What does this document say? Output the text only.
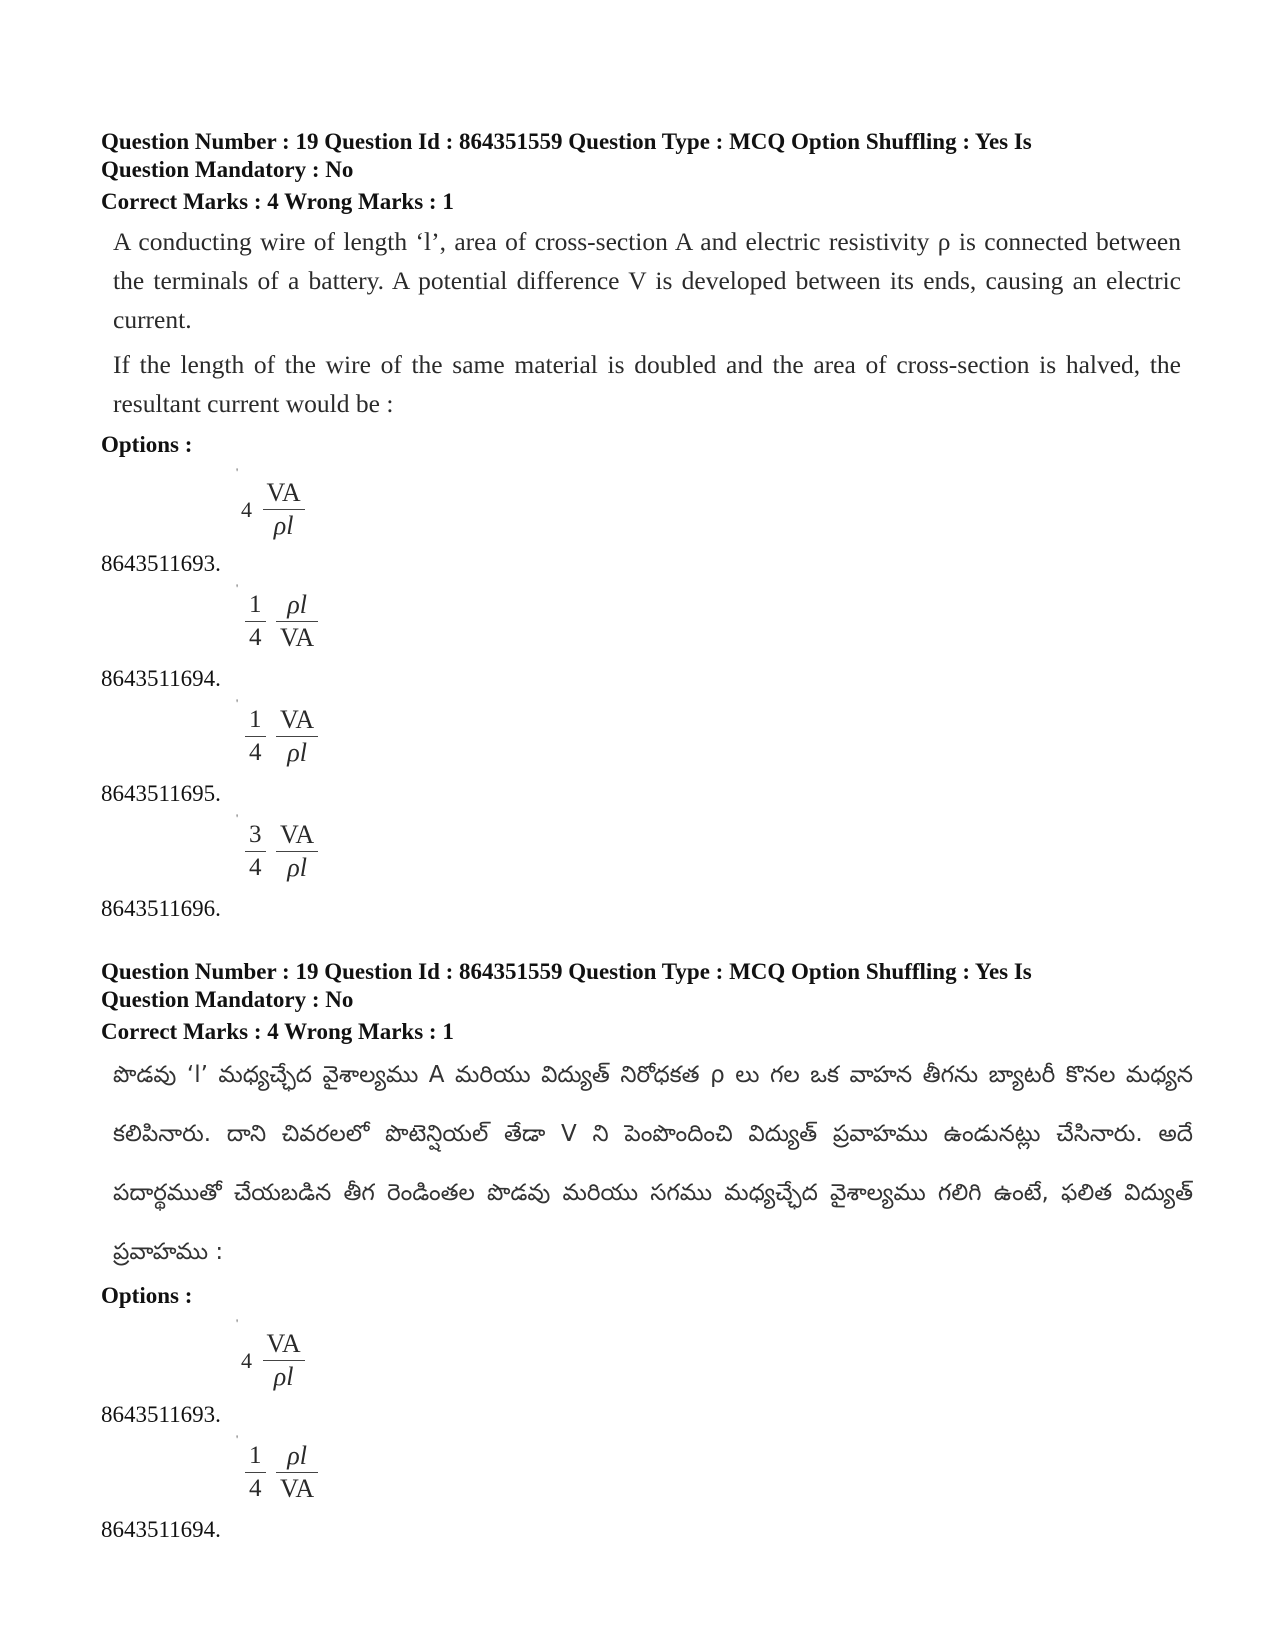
Question Number : 19 Question Id : 864351559 Question Type : MCQ Option Shuffling : Yes Is
Question Mandatory : No
Correct Marks : 4 Wrong Marks : 1

A conducting wire of length ‘l’, area of cross-section A and electric resistivity ρ is connected between the terminals of a battery. A potential difference V is developed between its ends, causing an electric current.

If the length of the wire of the same material is doubled and the area of cross-section is halved, the resultant current would be :

Options :
'
$4 \frac{VA}{\rho l}$
8643511693.
'
$\frac{1}{4}$
$\frac{\rho l}{VA}$
8643511694.
'
$\frac{1}{4}$
$\frac{VA}{\rho l}$
8643511695.
'
$\frac{3}{4}$
$\frac{VA}{\rho l}$
8643511696.
Question Number : 19 Question Id : 864351559 Question Type : MCQ Option Shuffling : Yes Is
Question Mandatory : No
Correct Marks : 4 Wrong Marks : 1
పొడవు ‘l’ మధ్యచ్ఛేద వైశాల్యము A మరియు విద్యుత్ నిరోధకత ρ లు గల ఒక వాహన తీగను బ్యాటరీ కొనల మధ్యన కలిపినారు. దాని చివరలలో పొటెన్షియల్ తేడా V ని పెంపొందించి విద్యుత్ ప్రవాహము ఉండునట్లు చేసినారు. అదే పదార్థముతో చేయబడిన తీగ రెండింతల పొడవు మరియు సగము మధ్యచ్ఛేద వైశాల్యము గలిగి ఉంటే, ఫలిత విద్యుత్ ప్రవాహము :
Options :
'
$4 \frac{VA}{\rho l}$
8643511693.
'
$\frac{1}{4}$
$\frac{\rho l}{VA}$
8643511694.
